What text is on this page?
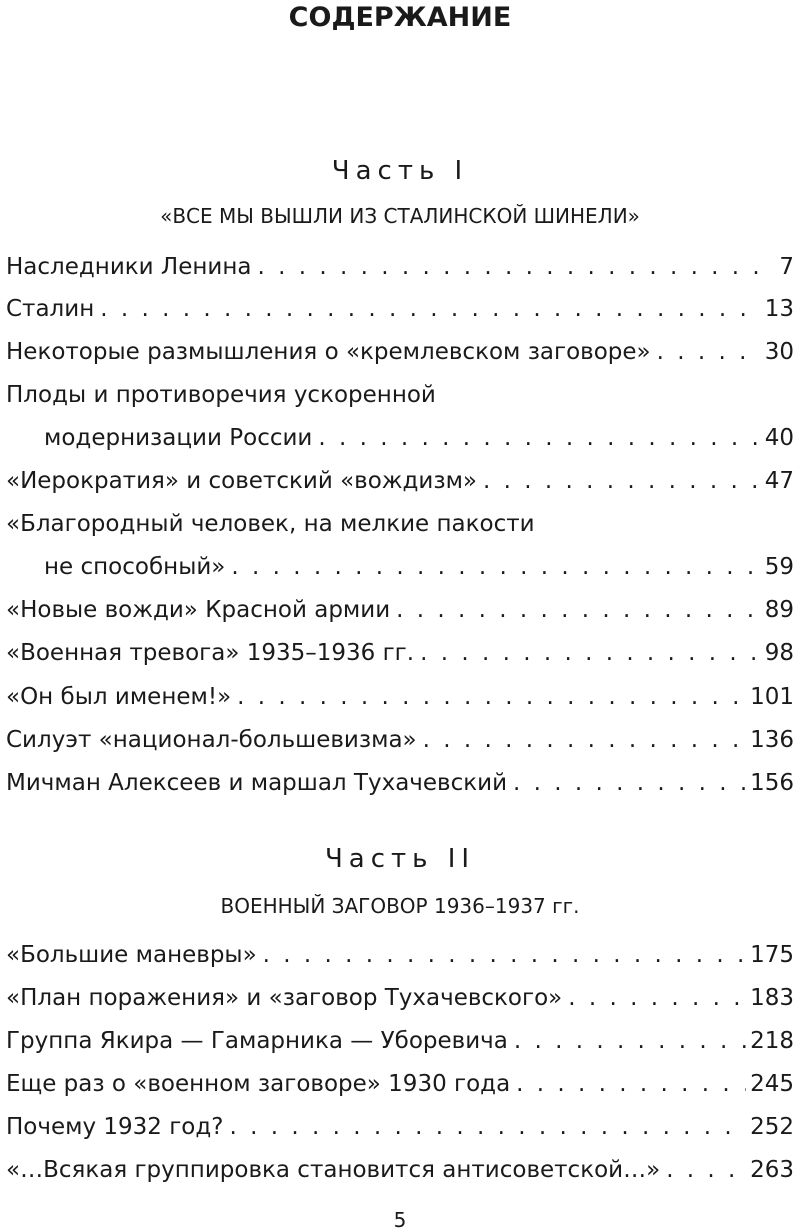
СОДЕРЖАНИЕ
Часть I
«ВСЕ МЫ ВЫШЛИ ИЗ СТАЛИНСКОЙ ШИНЕЛИ»
Наследники Ленина . . .	7
Сталин . . .	13
Некоторые размышления о «кремлевском заговоре» . . .	30
Плоды и противоречия ускоренной
модернизации России . . .	40
«Иерократия» и советский «вождизм» . . .	47
«Благородный человек, на мелкие пакости
не способный» . . .	59
«Новые вожди» Красной армии . . .	89
«Военная тревога» 1935–1936 гг. . . .	98
«Он был именем!» . . .	101
Силуэт «национал-большевизма» . . .	136
Мичман Алексеев и маршал Тухачевский . . .	156
Часть II
ВОЕННЫЙ ЗАГОВОР 1936–1937 гг.
«Большие маневры» . . .	175
«План поражения» и «заговор Тухачевского» . . .	183
Группа Якира — Гамарника — Уборевича . . .	218
Еще раз о «военном заговоре» 1930 года . . .	245
Почему 1932 год? . . .	252
«…Всякая группировка становится антисоветской…» . . .	263
5
